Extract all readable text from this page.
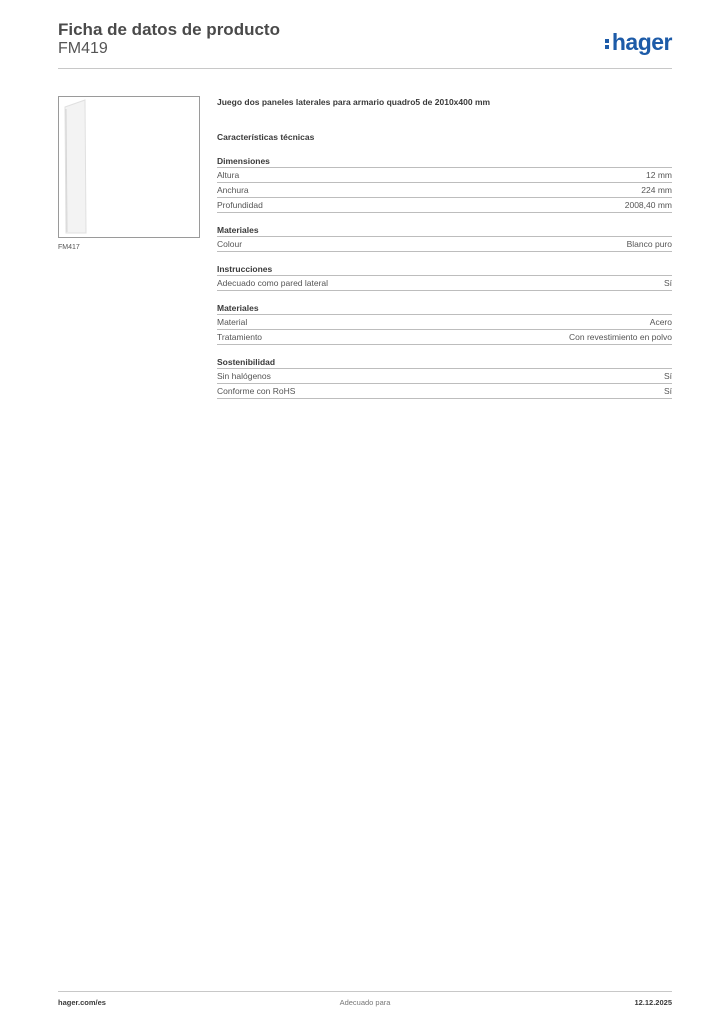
Ficha de datos de producto
FM419	hager
FM417
Juego dos paneles laterales para armario quadro5 de 2010x400 mm
Características técnicas
Dimensiones
Altura	12 mm
Anchura	224 mm
Profundidad	2008,40 mm
Materiales
Colour	Blanco puro
Instrucciones
Adecuado como pared lateral	Sí
Materiales
Material	Acero
Tratamiento	Con revestimiento en polvo
Sostenibilidad
Sin halógenos	Sí
Conforme con RoHS	Sí
hager.com/es	Adecuado para	12.12.2025
